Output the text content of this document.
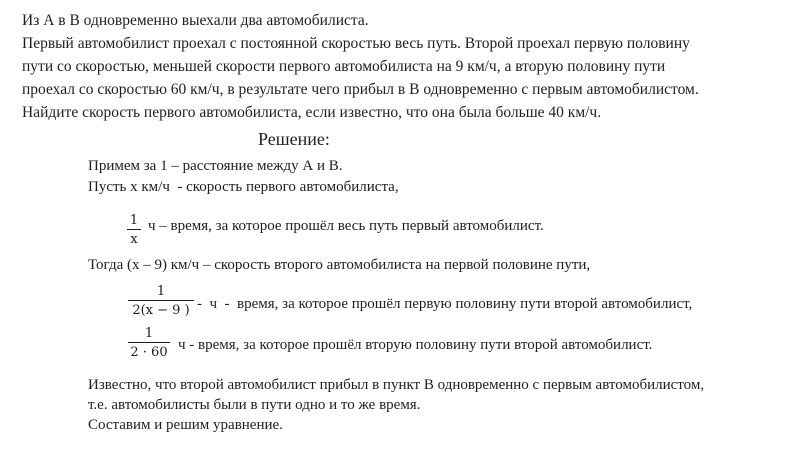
Из А в В одновременно выехали два автомобилиста.
Первый автомобилист проехал с постоянной скоростью весь путь. Второй проехал первую половину
пути со скоростью, меньшей скорости первого автомобилиста на 9 км/ч, а вторую половину пути
проехал со скоростью 60 км/ч, в результате чего прибыл в В одновременно с первым автомобилистом.
Найдите скорость первого автомобилиста, если известно, что она была больше 40 км/ч.
Решение:
Примем за 1 – расстояние между А и В.
Пусть х км/ч  - скорость первого автомобилиста,
1
x
ч – время, за которое прошёл весь путь первый автомобилист.
Тогда (х – 9) км/ч – скорость второго автомобилиста на первой половине пути,
1
2(x − 9 ) -  ч  -  время, за которое прошёл первую половину пути второй автомобилист,
1
2 · 60 ч - время, за которое прошёл вторую половину пути второй автомобилист.
Известно, что второй автомобилист прибыл в пункт В одновременно с первым автомобилистом,
т.е. автомобилисты были в пути одно и то же время.
Составим и решим уравнение.
